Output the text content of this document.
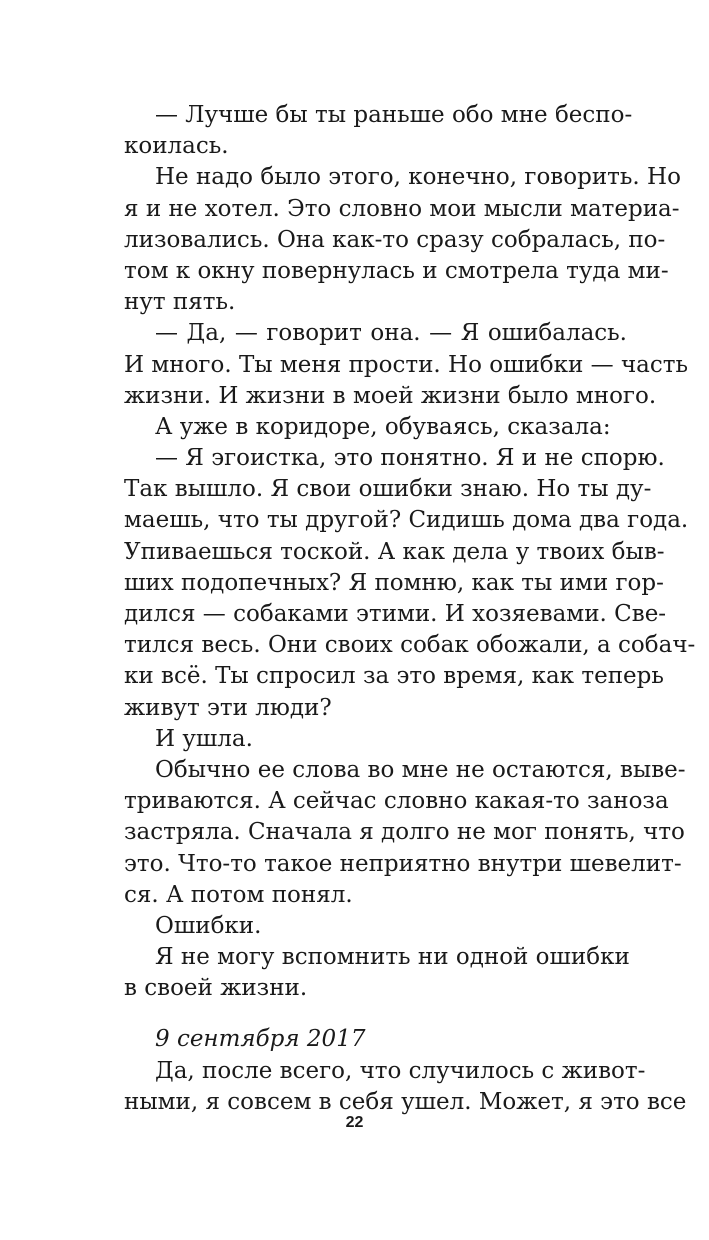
— Лучше бы ты раньше обо мне беспо-
коилась.
Не надо было этого, конечно, говорить. Но
я и не хотел. Это словно мои мысли материа-
лизовались. Она как-то сразу собралась, по-
том к окну повернулась и смотрела туда ми-
нут пять.
— Да, — говорит она. — Я ошибалась.
И много. Ты меня прости. Но ошибки — часть
жизни. И жизни в моей жизни было много.
А уже в коридоре, обуваясь, сказала:
— Я эгоистка, это понятно. Я и не спорю.
Так вышло. Я свои ошибки знаю. Но ты ду-
маешь, что ты другой? Сидишь дома два года.
Упиваешься тоской. А как дела у твоих быв-
ших подопечных? Я помню, как ты ими гор-
дился — собаками этими. И хозяевами. Све-
тился весь. Они своих собак обожали, а собач-
ки всё. Ты спросил за это время, как теперь
живут эти люди?
И ушла.
Обычно ее слова во мне не остаются, выве-
триваются. А сейчас словно какая-то заноза
застряла. Сначала я долго не мог понять, что
это. Что-то такое неприятно внутри шевелит-
ся. А потом понял.
Ошибки.
Я не могу вспомнить ни одной ошибки
в своей жизни.
9 сентября 2017
Да, после всего, что случилось с живот-
ными, я совсем в себя ушел. Может, я это все
22
